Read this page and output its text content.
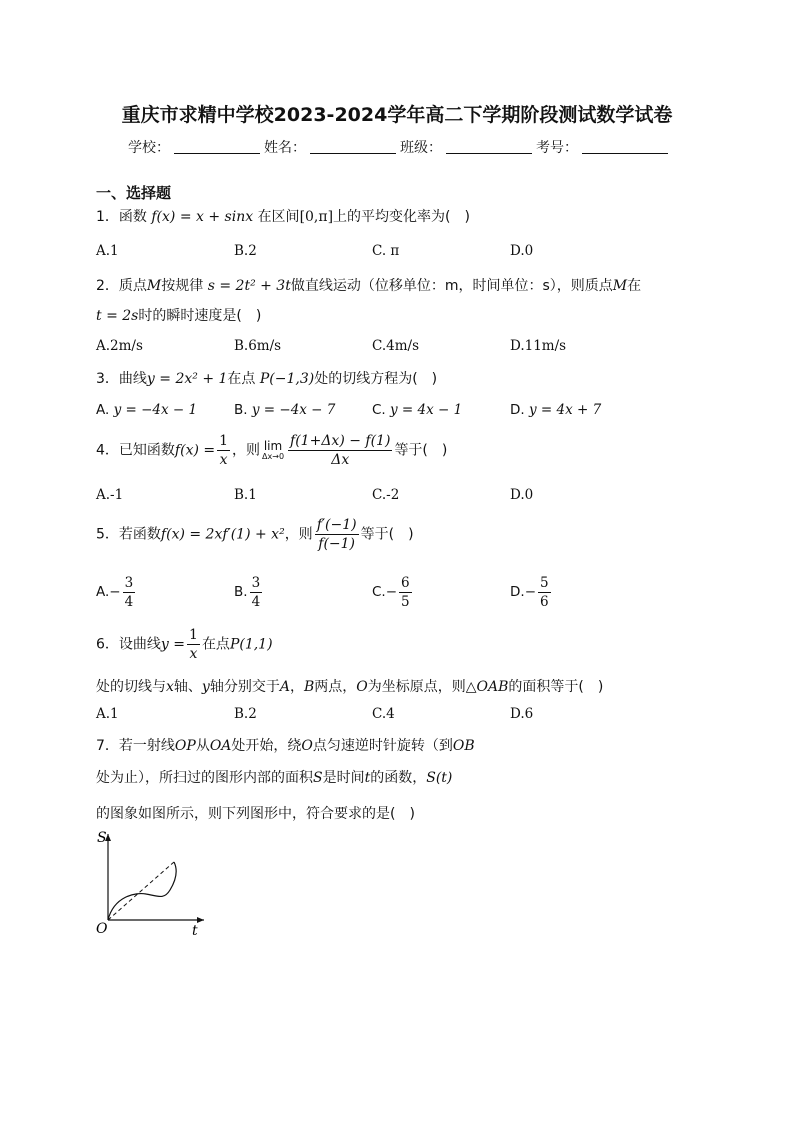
重庆市求精中学校2023-2024学年高二下学期阶段测试数学试卷
学校：	姓名：	班级：	考号：
一、选择题
1．函数 f(x) = x + sinx 在区间[0,π]上的平均变化率为(　)
A.1	B.2	C. π	D.0
2．质点M按规律 s = 2t² + 3t做直线运动（位移单位：m，时间单位：s），则质点M在
t = 2s时的瞬时速度是(　)
A.2m/s	B.6m/s	C.4m/s	D.11m/s
3．曲线y = 2x² + 1在点 P(−1,3)处的切线方程为(　)
A. y = −4x − 1	B. y = −4x − 7	C. y = 4x − 1	D. y = 4x + 7
4．已知函数$f(x) = \frac{1}{x}$ ，则 lim
$\Delta x\to 0 \frac{f(1+\Delta x) - f(1)}{\Delta x}$ 等于(　)
A.-1	B.1	C.-2	D.0
5．若函数f(x) = 2xf′(1) + x²，则 $\frac{f'(-1)}{f(-1)}$ 等于(　)
$A.- \frac{3}{4}$	B. $\frac{3}{4}$	$C.- \frac{6}{5}$	$D.- \frac{5}{6}$
6．设曲线$y = \frac{1}{x}$ 在点P(1,1)
处的切线与x轴、y轴分别交于A，B两点，O为坐标原点，则△OAB的面积等于(　)
A.1	B.2	C.4	D.6
7．若一射线OP从OA处开始，绕O点匀速逆时针旋转（到OB
处为止），所扫过的图形内部的面积S是时间t的函数，S(t)
的图象如图所示，则下列图形中，符合要求的是(　)
S
t
O
